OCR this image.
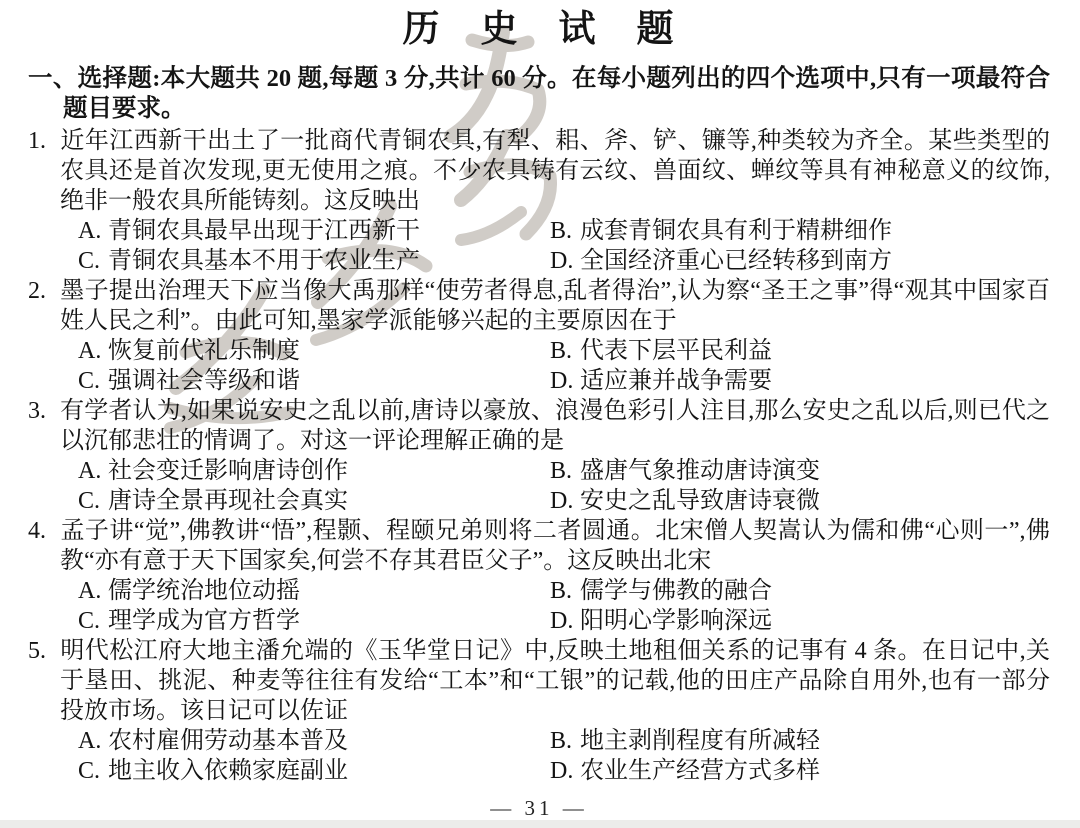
历　史　试　题

一、选择题:本大题共 20 题,每题 3 分,共计 60 分。在每小题列出的四个选项中,只有一项最符合题目要求。

1. 近年江西新干出土了一批商代青铜农具,有犁、耜、斧、铲、镰等,种类较为齐全。某些类型的农具还是首次发现,更无使用之痕。不少农具铸有云纹、兽面纹、蝉纹等具有神秘意义的纹饰,绝非一般农具所能铸刻。这反映出

A. 青铜农具最早出现于江西新干	B. 成套青铜农具有利于精耕细作
C. 青铜农具基本不用于农业生产	D. 全国经济重心已经转移到南方

2. 墨子提出治理天下应当像大禹那样“使劳者得息,乱者得治”,认为察“圣王之事”得“观其中国家百姓人民之利”。由此可知,墨家学派能够兴起的主要原因在于

A. 恢复前代礼乐制度	B. 代表下层平民利益
C. 强调社会等级和谐	D. 适应兼并战争需要

3. 有学者认为,如果说安史之乱以前,唐诗以豪放、浪漫色彩引人注目,那么安史之乱以后,则已代之以沉郁悲壮的情调了。对这一评论理解正确的是

A. 社会变迁影响唐诗创作	B. 盛唐气象推动唐诗演变
C. 唐诗全景再现社会真实	D. 安史之乱导致唐诗衰微

4. 孟子讲“觉”,佛教讲“悟”,程颢、程颐兄弟则将二者圆通。北宋僧人契嵩认为儒和佛“心则一”,佛教“亦有意于天下国家矣,何尝不存其君臣父子”。这反映出北宋

A. 儒学统治地位动摇	B. 儒学与佛教的融合
C. 理学成为官方哲学	D. 阳明心学影响深远

5. 明代松江府大地主潘允端的《玉华堂日记》中,反映土地租佃关系的记事有 4 条。在日记中,关于垦田、挑泥、种麦等往往有发给“工本”和“工银”的记载,他的田庄产品除自用外,也有一部分投放市场。该日记可以佐证

A. 农村雇佣劳动基本普及	B. 地主剥削程度有所减轻
C. 地主收入依赖家庭副业	D. 农业生产经营方式多样
— 31 —
